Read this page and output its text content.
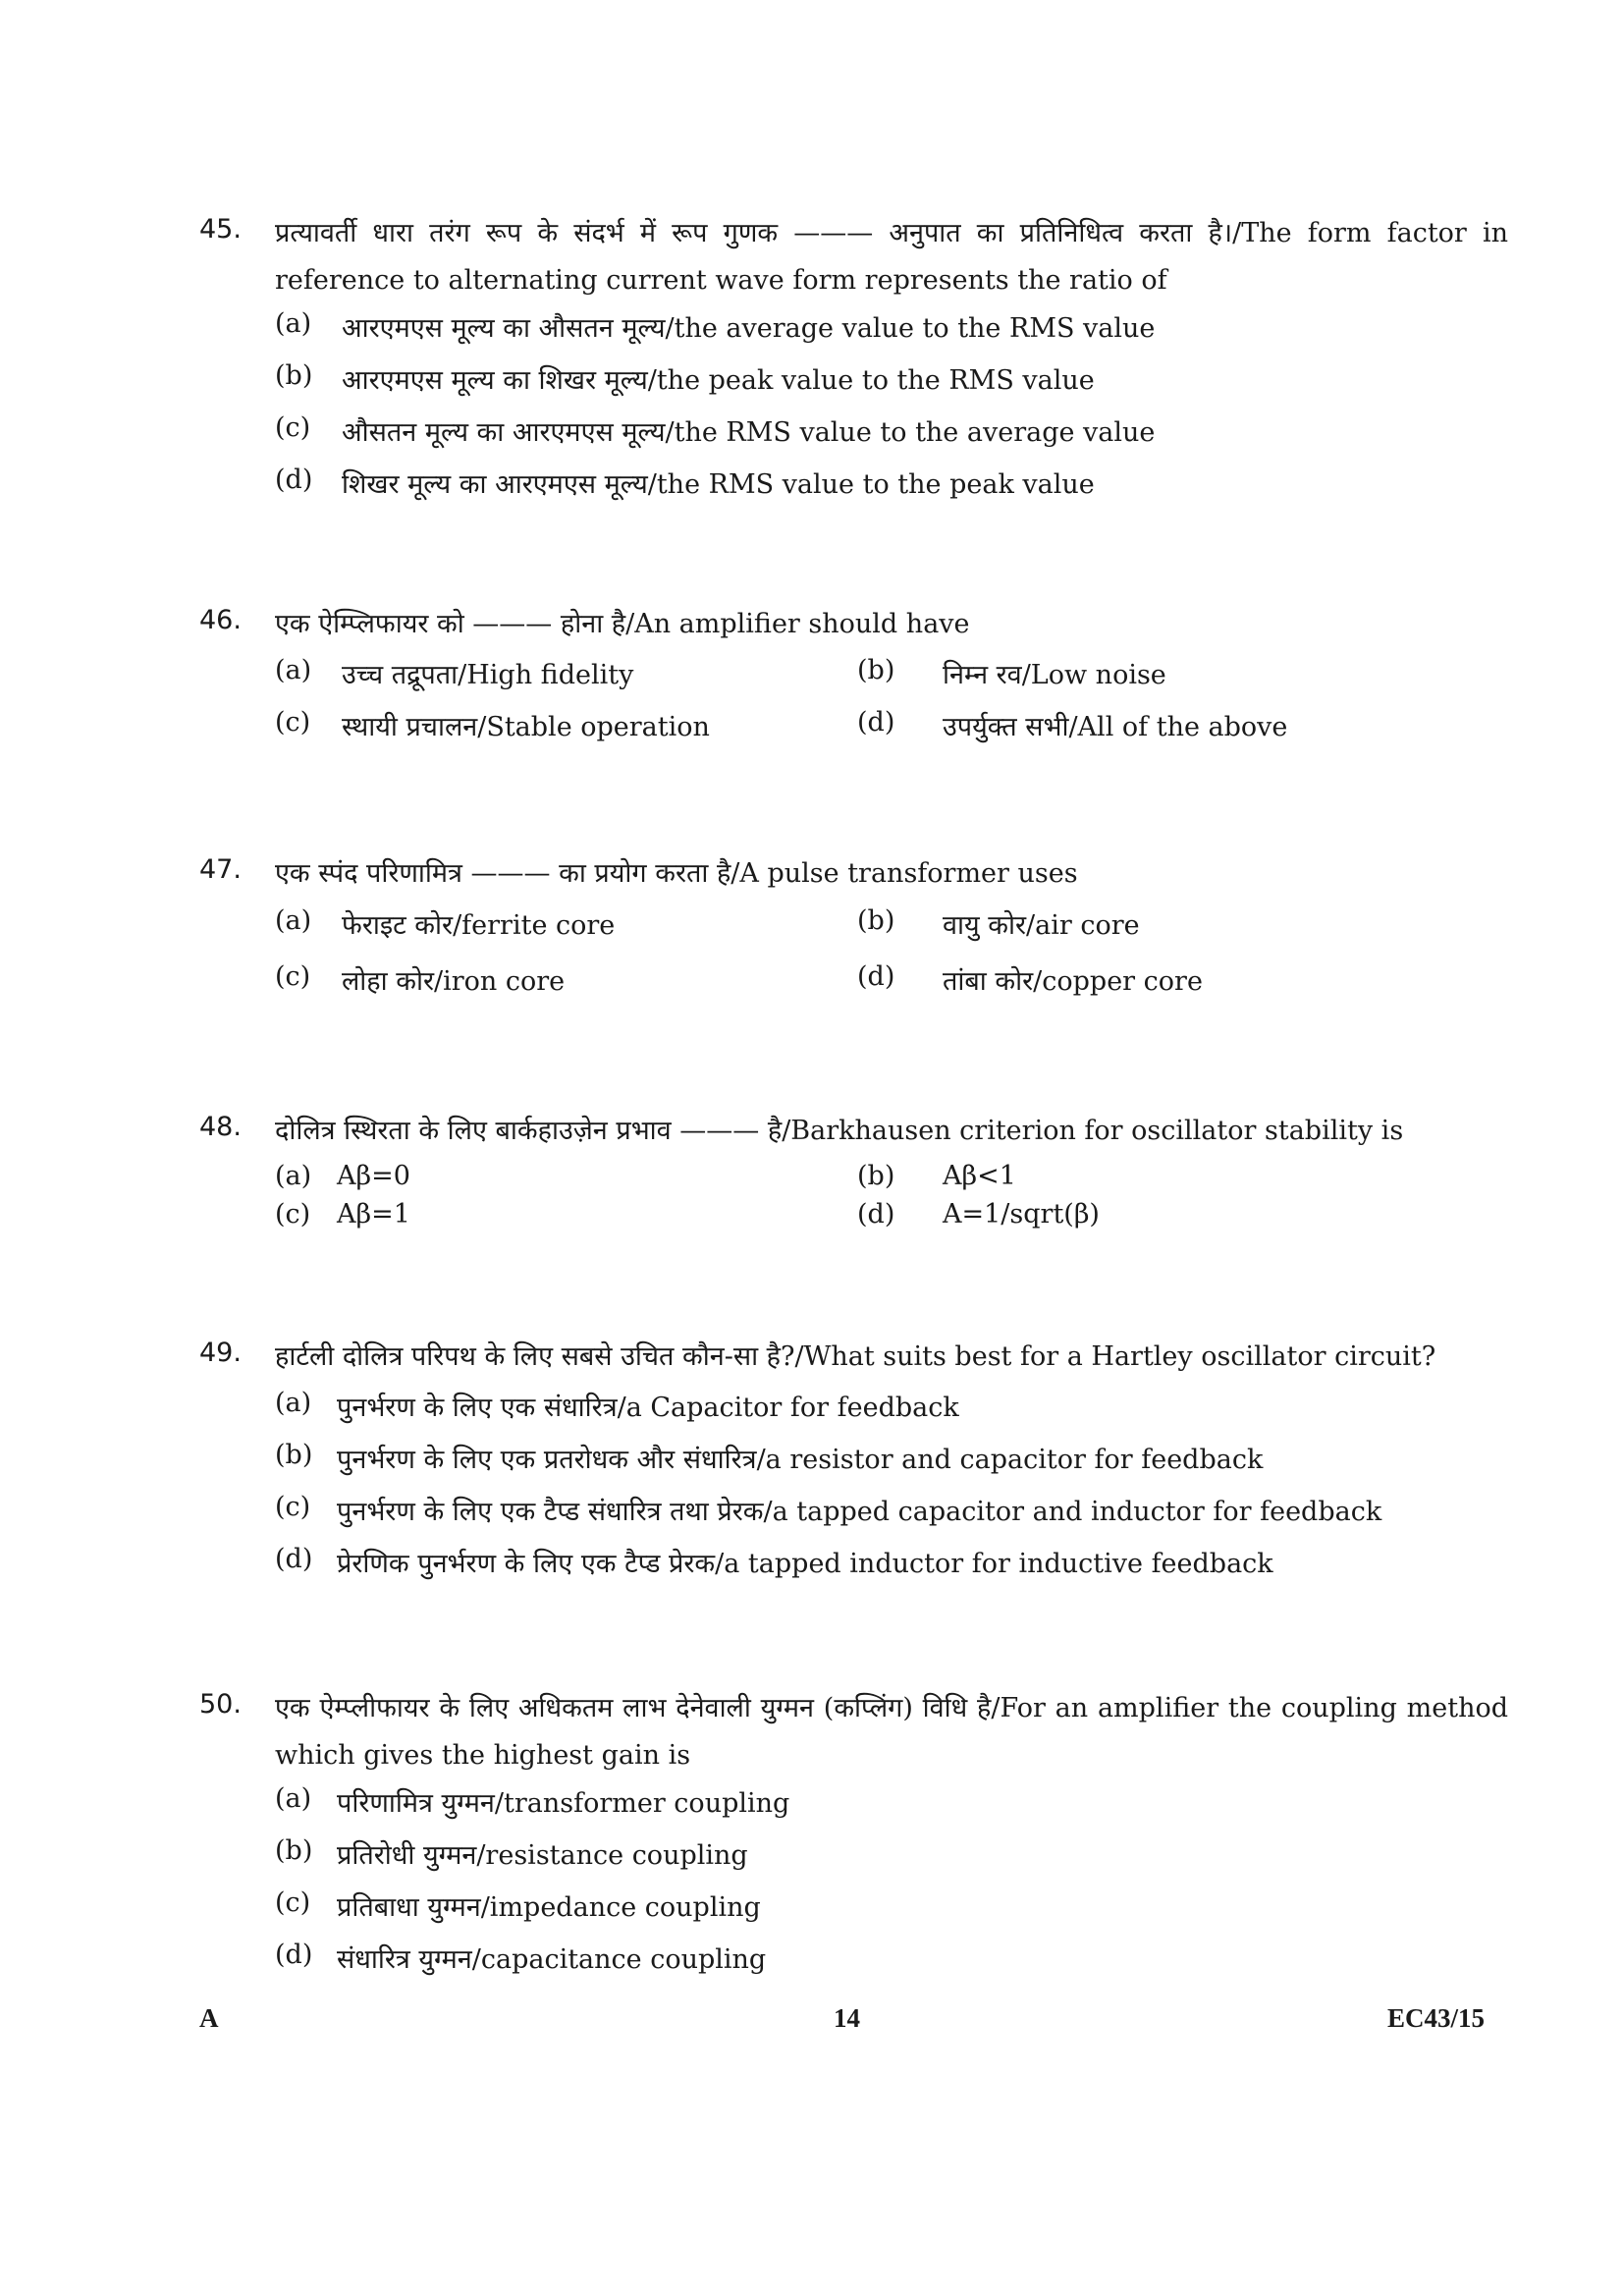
45. प्रत्यावर्ती धारा तरंग रूप के संदर्भ में रूप गुणक ——— अनुपात का प्रतिनिधित्व करता है।/The form factor in reference to alternating current wave form represents the ratio of
(a) आरएमएस मूल्य का औसतन मूल्य/the average value to the RMS value
(b) आरएमएस मूल्य का शिखर मूल्य/the peak value to the RMS value
(c) औसतन मूल्य का आरएमएस मूल्य/the RMS value to the average value
(d) शिखर मूल्य का आरएमएस मूल्य/the RMS value to the peak value
46. एक ऐम्प्लिफायर को ——— होना है/An amplifier should have
(a) उच्च तद्रूपता/High fidelity	(b) निम्न रव/Low noise
(c) स्थायी प्रचालन/Stable operation	(d) उपर्युक्त सभी/All of the above
47. एक स्पंद परिणामित्र ——— का प्रयोग करता है/A pulse transformer uses
(a) फेराइट कोर/ferrite core	(b) वायु कोर/air core
(c) लोहा कोर/iron core	(d) तांबा कोर/copper core
48. दोलित्र स्थिरता के लिए बार्कहाउज़ेन प्रभाव ——— है/Barkhausen criterion for oscillator stability is
(a) Aβ=0	(b) Aβ<1
(c) Aβ=1	(d) A=1/sqrt(β)
49. हार्टली दोलित्र परिपथ के लिए सबसे उचित कौन-सा है?/What suits best for a Hartley oscillator circuit?
(a) पुनर्भरण के लिए एक संधारित्र/a Capacitor for feedback
(b) पुनर्भरण के लिए एक प्रतरोधक और संधारित्र/a resistor and capacitor for feedback
(c) पुनर्भरण के लिए एक टैप्ड संधारित्र तथा प्रेरक/a tapped capacitor and inductor for feedback
(d) प्रेरणिक पुनर्भरण के लिए एक टैप्ड प्रेरक/a tapped inductor for inductive feedback
50. एक ऐम्प्लीफायर के लिए अधिकतम लाभ देनेवाली युग्मन (कप्लिंग) विधि है/For an amplifier the coupling method which gives the highest gain is
(a) परिणामित्र युग्मन/transformer coupling
(b) प्रतिरोधी युग्मन/resistance coupling
(c) प्रतिबाधा युग्मन/impedance coupling
(d) संधारित्र युग्मन/capacitance coupling
A	14	EC43/15
